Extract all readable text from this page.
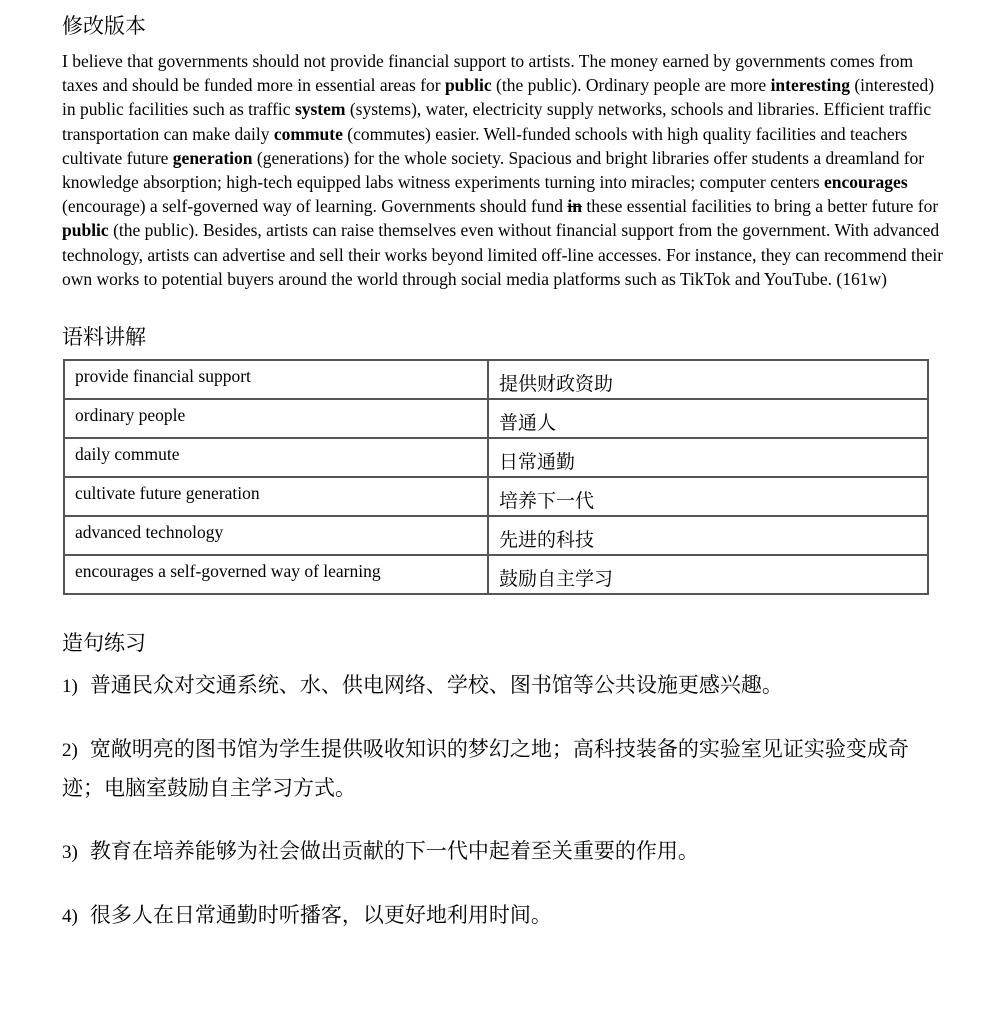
修改版本

I believe that governments should not provide financial support to artists. The money earned by governments comes from taxes and should be funded more in essential areas for public (the public). Ordinary people are more interesting (interested) in public facilities such as traffic system (systems), water, electricity supply networks, schools and libraries. Efficient traffic transportation can make daily commute (commutes) easier. Well-funded schools with high quality facilities and teachers cultivate future generation (generations) for the whole society. Spacious and bright libraries offer students a dreamland for knowledge absorption; high-tech equipped labs witness experiments turning into miracles; computer centers encourages (encourage) a self-governed way of learning. Governments should fund in these essential facilities to bring a better future for public (the public). Besides, artists can raise themselves even without financial support from the government. With advanced technology, artists can advertise and sell their works beyond limited off-line accesses. For instance, they can recommend their own works to potential buyers around the world through social media platforms such as TikTok and YouTube. (161w)

语料讲解
provide financial support	提供财政资助
ordinary people	普通人
daily commute	日常通勤
cultivate future generation	培养下一代
advanced technology	先进的科技
encourages a self-governed way of learning	鼓励自主学习
造句练习
1) 普通民众对交通系统、水、供电网络、学校、图书馆等公共设施更感兴趣。
2) 宽敞明亮的图书馆为学生提供吸收知识的梦幻之地；高科技装备的实验室见证实验变成奇迹；电脑室鼓励自主学习方式。
3) 教育在培养能够为社会做出贡献的下一代中起着至关重要的作用。
4) 很多人在日常通勤时听播客，以更好地利用时间。
